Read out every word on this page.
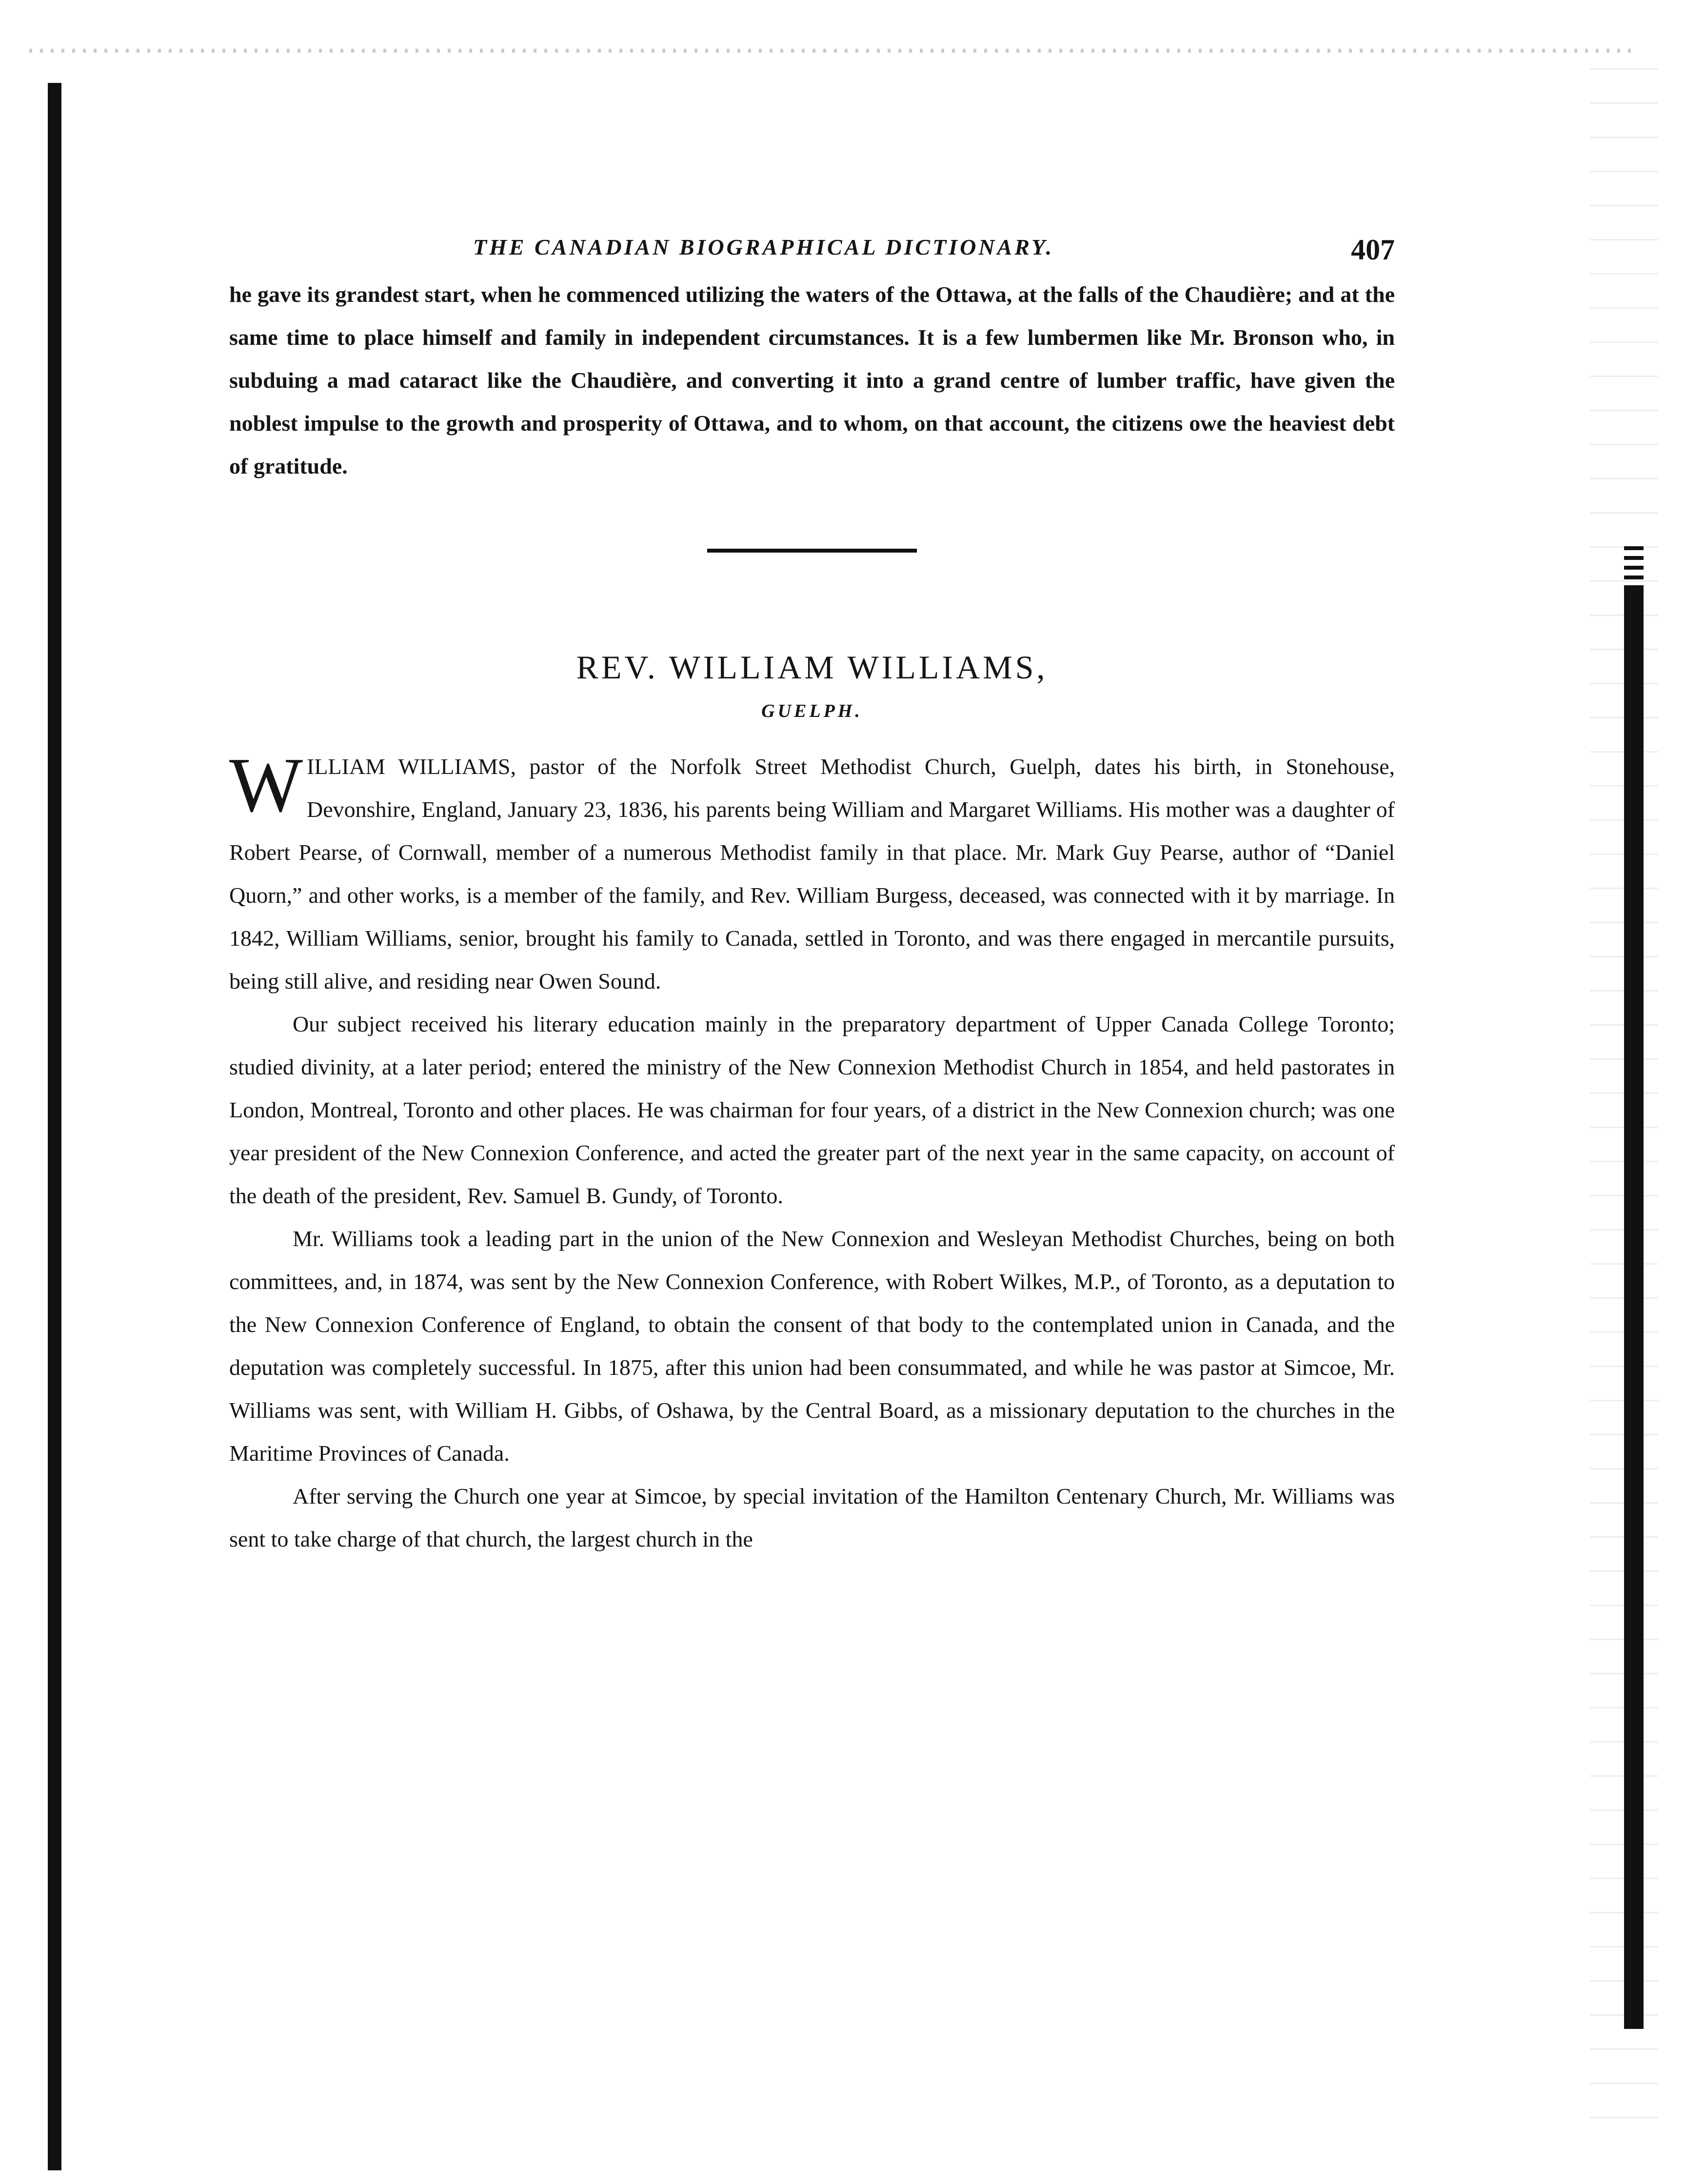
THE CANADIAN BIOGRAPHICAL DICTIONARY.	407

he gave its grandest start, when he commenced utilizing the waters of the Ottawa, at the falls of the Chaudière; and at the same time to place himself and family in independent circumstances. It is a few lumbermen like Mr. Bronson who, in subduing a mad cataract like the Chaudière, and converting it into a grand centre of lumber traffic, have given the noblest impulse to the growth and prosperity of Ottawa, and to whom, on that account, the citizens owe the heaviest debt of gratitude.

REV. WILLIAM WILLIAMS,
GUELPH.

WILLIAM WILLIAMS, pastor of the Norfolk Street Methodist Church, Guelph, dates his birth, in Stonehouse, Devonshire, England, January 23, 1836, his parents being William and Margaret Williams. His mother was a daughter of Robert Pearse, of Cornwall, member of a numerous Methodist family in that place. Mr. Mark Guy Pearse, author of “Daniel Quorn,” and other works, is a member of the family, and Rev. William Burgess, deceased, was connected with it by marriage. In 1842, William Williams, senior, brought his family to Canada, settled in Toronto, and was there engaged in mercantile pursuits, being still alive, and residing near Owen Sound.

Our subject received his literary education mainly in the preparatory department of Upper Canada College Toronto; studied divinity, at a later period; entered the ministry of the New Connexion Methodist Church in 1854, and held pastorates in London, Montreal, Toronto and other places. He was chairman for four years, of a district in the New Connexion church; was one year president of the New Connexion Conference, and acted the greater part of the next year in the same capacity, on account of the death of the president, Rev. Samuel B. Gundy, of Toronto.

Mr. Williams took a leading part in the union of the New Connexion and Wesleyan Methodist Churches, being on both committees, and, in 1874, was sent by the New Connexion Conference, with Robert Wilkes, M.P., of Toronto, as a deputation to the New Connexion Conference of England, to obtain the consent of that body to the contemplated union in Canada, and the deputation was completely successful. In 1875, after this union had been consummated, and while he was pastor at Simcoe, Mr. Williams was sent, with William H. Gibbs, of Oshawa, by the Central Board, as a missionary deputation to the churches in the Maritime Provinces of Canada.

After serving the Church one year at Simcoe, by special invitation of the Hamilton Centenary Church, Mr. Williams was sent to take charge of that church, the largest church in the
